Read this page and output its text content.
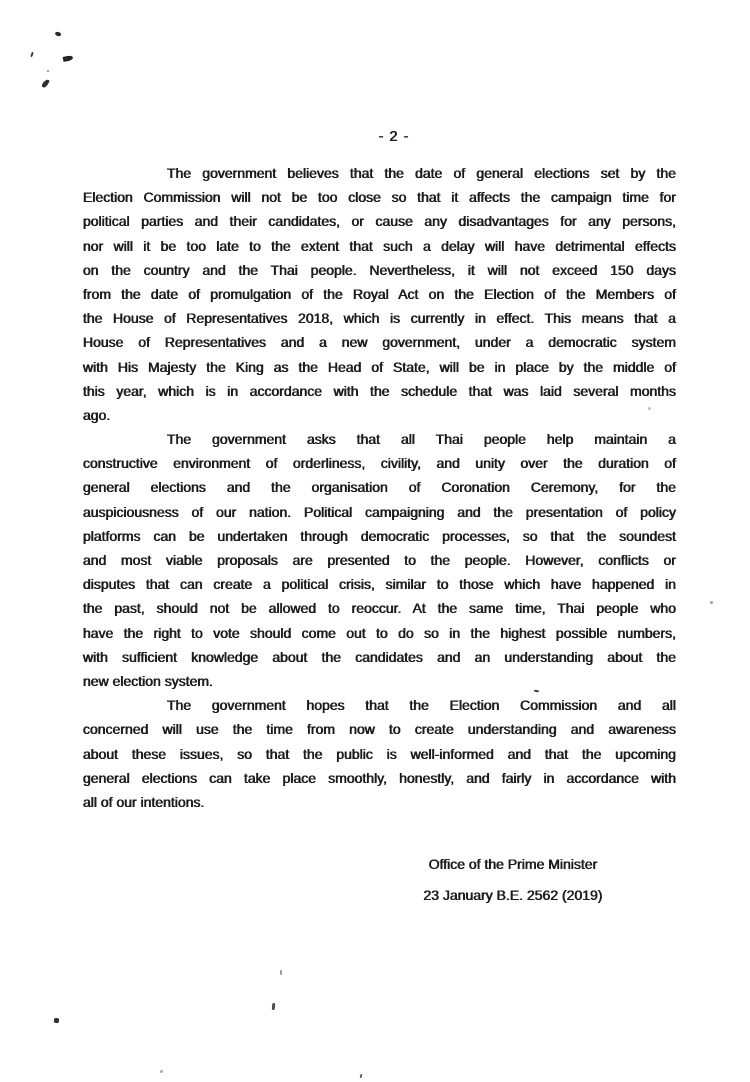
- 2 -
The government believes that the date of general elections set by the
Election Commission will not be too close so that it affects the campaign time for
political parties and their candidates, or cause any disadvantages for any persons,
nor will it be too late to the extent that such a delay will have detrimental effects
on the country and the Thai people. Nevertheless, it will not exceed 150 days
from the date of promulgation of the Royal Act on the Election of the Members of
the House of Representatives 2018, which is currently in effect. This means that a
House of Representatives and a new government, under a democratic system
with His Majesty the King as the Head of State, will be in place by the middle of
this year, which is in accordance with the schedule that was laid several months
ago.
The government asks that all Thai people help maintain a
constructive environment of orderliness, civility, and unity over the duration of
general elections and the organisation of Coronation Ceremony, for the
auspiciousness of our nation. Political campaigning and the presentation of policy
platforms can be undertaken through democratic processes, so that the soundest
and most viable proposals are presented to the people. However, conflicts or
disputes that can create a political crisis, similar to those which have happened in
the past, should not be allowed to reoccur. At the same time, Thai people who
have the right to vote should come out to do so in the highest possible numbers,
with sufficient knowledge about the candidates and an understanding about the
new election system.
The government hopes that the Election Commission and all
concerned will use the time from now to create understanding and awareness
about these issues, so that the public is well-informed and that the upcoming
general elections can take place smoothly, honestly, and fairly in accordance with
all of our intentions.
Office of the Prime Minister
23 January B.E. 2562 (2019)
